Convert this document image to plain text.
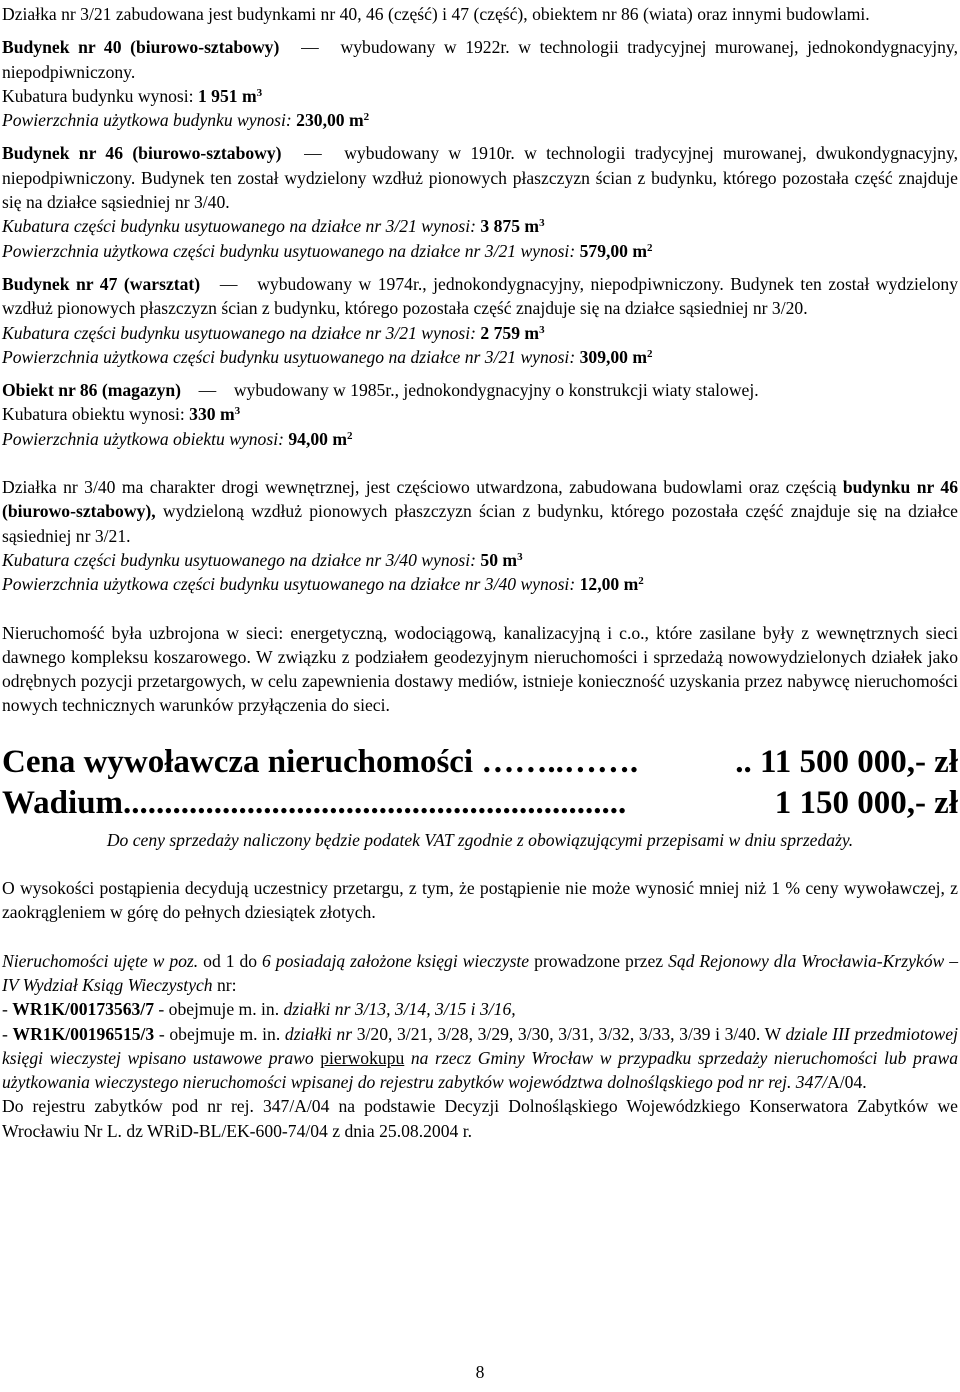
Działka nr 3/21 zabudowana jest budynkami nr 40, 46 (część) i 47 (część), obiektem nr 86 (wiata) oraz innymi budowlami.

Budynek nr 40 (biurowo-sztabowy) — wybudowany w 1922r. w technologii tradycyjnej murowanej, jednokondygnacyjny, niepodpiwniczony.

Kubatura budynku wynosi: 1 951 $m^3$

Powierzchnia użytkowa budynku wynosi: 230,00 $m^2$

Budynek nr 46 (biurowo-sztabowy) — wybudowany w 1910r. w technologii tradycyjnej murowanej, dwukondygnacyjny, niepodpiwniczony. Budynek ten został wydzielony wzdłuż pionowych płaszczyzn ścian z budynku, którego pozostała część znajduje się na działce sąsiedniej nr 3/40.

Kubatura części budynku usytuowanego na działce nr 3/21 wynosi: 3 875 $m^3$

Powierzchnia użytkowa części budynku usytuowanego na działce nr 3/21 wynosi: 579,00 $m^2$

Budynek nr 47 (warsztat) — wybudowany w 1974r., jednokondygnacyjny, niepodpiwniczony. Budynek ten został wydzielony wzdłuż pionowych płaszczyzn ścian z budynku, którego pozostała część znajduje się na działce sąsiedniej nr 3/20.

Kubatura części budynku usytuowanego na działce nr 3/21 wynosi: 2 759 $m^3$

Powierzchnia użytkowa części budynku usytuowanego na działce nr 3/21 wynosi: 309,00 $m^2$

Obiekt nr 86 (magazyn) — wybudowany w 1985r., jednokondygnacyjny o konstrukcji wiaty stalowej.

Kubatura obiektu wynosi: 330 $m^3$

Powierzchnia użytkowa obiektu wynosi: 94,00 $m^2$

Działka nr 3/40 ma charakter drogi wewnętrznej, jest częściowo utwardzona, zabudowana budowlami oraz częścią budynku nr 46 (biurowo-sztabowy), wydzieloną wzdłuż pionowych płaszczyzn ścian z budynku, którego pozostała część znajduje się na działce sąsiedniej nr 3/21.

Kubatura części budynku usytuowanego na działce nr 3/40 wynosi: 50 $m^3$

Powierzchnia użytkowa części budynku usytuowanego na działce nr 3/40 wynosi: 12,00 $m^2$

Nieruchomość była uzbrojona w sieci: energetyczną, wodociągową, kanalizacyjną i c.o., które zasilane były z wewnętrznych sieci dawnego kompleksu koszarowego. W związku z podziałem geodezyjnym nieruchomości i sprzedażą nowowydzielonych działek jako odrębnych pozycji przetargowych, w celu zapewnienia dostawy mediów, istnieje konieczność uzyskania przez nabywcę nieruchomości nowych technicznych warunków przyłączenia do sieci.

Cena wywoławcza nieruchomości ……..…….	.. 11 500 000,- zł
Wadium.............................................................	1 150 000,- zł

Do ceny sprzedaży naliczony będzie podatek VAT zgodnie z obowiązującymi przepisami w dniu sprzedaży.

O wysokości postąpienia decydują uczestnicy przetargu, z tym, że postąpienie nie może wynosić mniej niż 1 % ceny wywoławczej, z zaokrągleniem w górę do pełnych dziesiątek złotych.

Nieruchomości ujęte w poz. od 1 do 6 posiadają założone księgi wieczyste prowadzone przez Sąd Rejonowy dla Wrocławia-Krzyków – IV Wydział Ksiąg Wieczystych nr:

- WR1K/00173563/7 - obejmuje m. in. działki nr 3/13, 3/14, 3/15 i 3/16,

- WR1K/00196515/3 - obejmuje m. in. działki nr 3/20, 3/21, 3/28, 3/29, 3/30, 3/31, 3/32, 3/33, 3/39 i 3/40. W dziale III przedmiotowej księgi wieczystej wpisano ustawowe prawo pierwokupu na rzecz Gminy Wrocław w przypadku sprzedaży nieruchomości lub prawa użytkowania wieczystego nieruchomości wpisanej do rejestru zabytków województwa dolnośląskiego pod nr rej. 347/A/04.

Do rejestru zabytków pod nr rej. 347/A/04 na podstawie Decyzji Dolnośląskiego Wojewódzkiego Konserwatora Zabytków we Wrocławiu Nr L. dz WRiD-BL/EK-600-74/04 z dnia 25.08.2004 r.

8
